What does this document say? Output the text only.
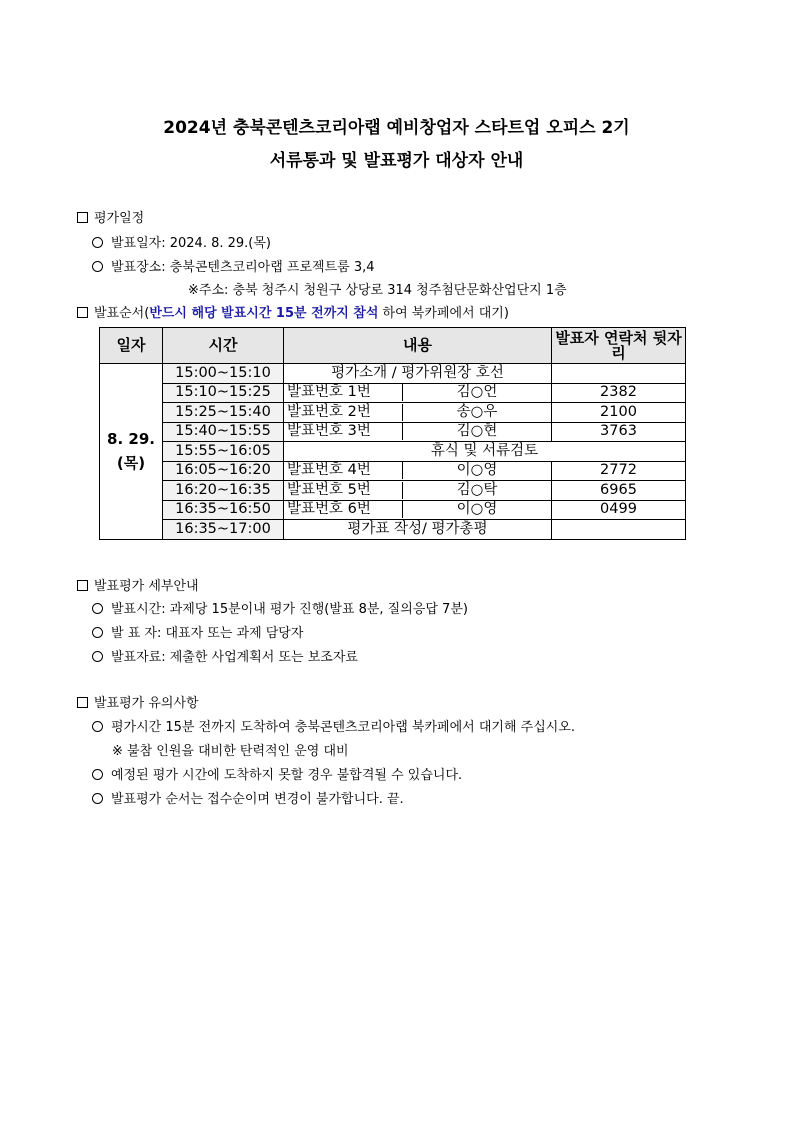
2024년 충북콘텐츠코리아랩 예비창업자 스타트업 오피스 2기
서류통과 및 발표평가 대상자 안내
평가일정
발표일자: 2024. 8. 29.(목)
발표장소: 충북콘텐츠코리아랩 프로젝트룸 3,4
※주소: 충북 청주시 청원구 상당로 314 청주첨단문화산업단지 1층
발표순서(반드시 해당 발표시간 15분 전까지 참석 하여 북카페에서 대기)
일자	시간	내용	발표자 연락처 뒷자리

8. 29.
(목)	15:00~15:10	평가소개 / 평가위원장 호선	
	15:10~15:25	발표번호 1번 김○언	2382
	15:25~15:40	발표번호 2번 송○우	2100
	15:40~15:55	발표번호 3번 김○현	3763
	15:55~16:05	휴식 및 서류검토	
	16:05~16:20	발표번호 4번 이○영	2772
	16:20~16:35	발표번호 5번 김○탁	6965
	16:35~16:50	발표번호 6번 이○영	0499
	16:35~17:00	평가표 작성/ 평가총평	
발표평가 세부안내
발표시간: 과제당 15분이내 평가 진행(발표 8분, 질의응답 7분)
발 표 자: 대표자 또는 과제 담당자
발표자료: 제출한 사업계획서 또는 보조자료
발표평가 유의사항
평가시간 15분 전까지 도착하여 충북콘텐츠코리아랩 북카페에서 대기해 주십시오.
※ 불참 인원을 대비한 탄력적인 운영 대비
예정된 평가 시간에 도착하지 못할 경우 불합격될 수 있습니다.
발표평가 순서는 접수순이며 변경이 불가합니다. 끝.
